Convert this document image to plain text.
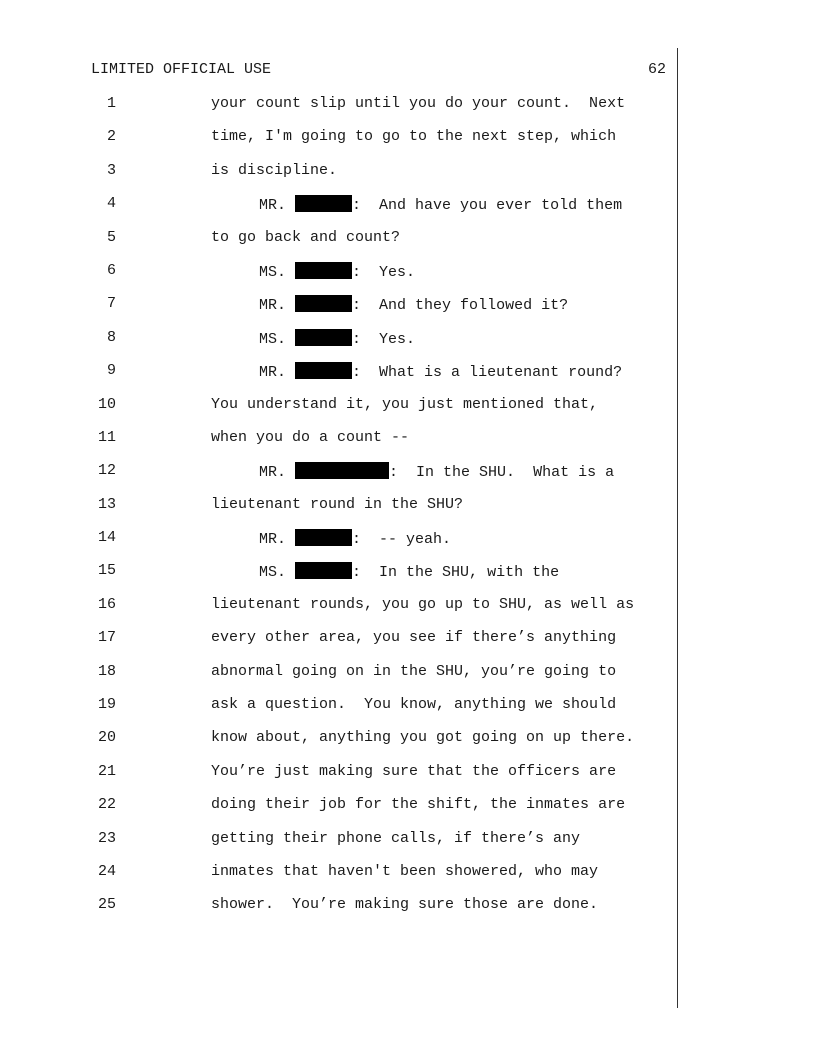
LIMITED OFFICIAL USE	62

1

	your count slip until you do your count.  Next

2

	time, I'm going to go to the next step, which

3

	is discipline.

4

	MR.	:  And have you ever told them

5

	to go back and count?

6

	MS.	:  Yes.

7

	MR.	:  And they followed it?

8

	MS.	:  Yes.

9

	MR.	:  What is a lieutenant round?

10

	You understand it, you just mentioned that,

11

	when you do a count --

12

	MR.	:  In the SHU.  What is a

13

	lieutenant round in the SHU?

14

	MR.	:  -- yeah.

15

	MS.	:  In the SHU, with the

16

	lieutenant rounds, you go up to SHU, as well as

17

	every other area, you see if there’s anything

18

	abnormal going on in the SHU, you’re going to

19

	ask a question.  You know, anything we should

20

	know about, anything you got going on up there.

21

	You’re just making sure that the officers are

22

	doing their job for the shift, the inmates are

23

	getting their phone calls, if there’s any

24

	inmates that haven't been showered, who may

25

	shower.  You’re making sure those are done.
